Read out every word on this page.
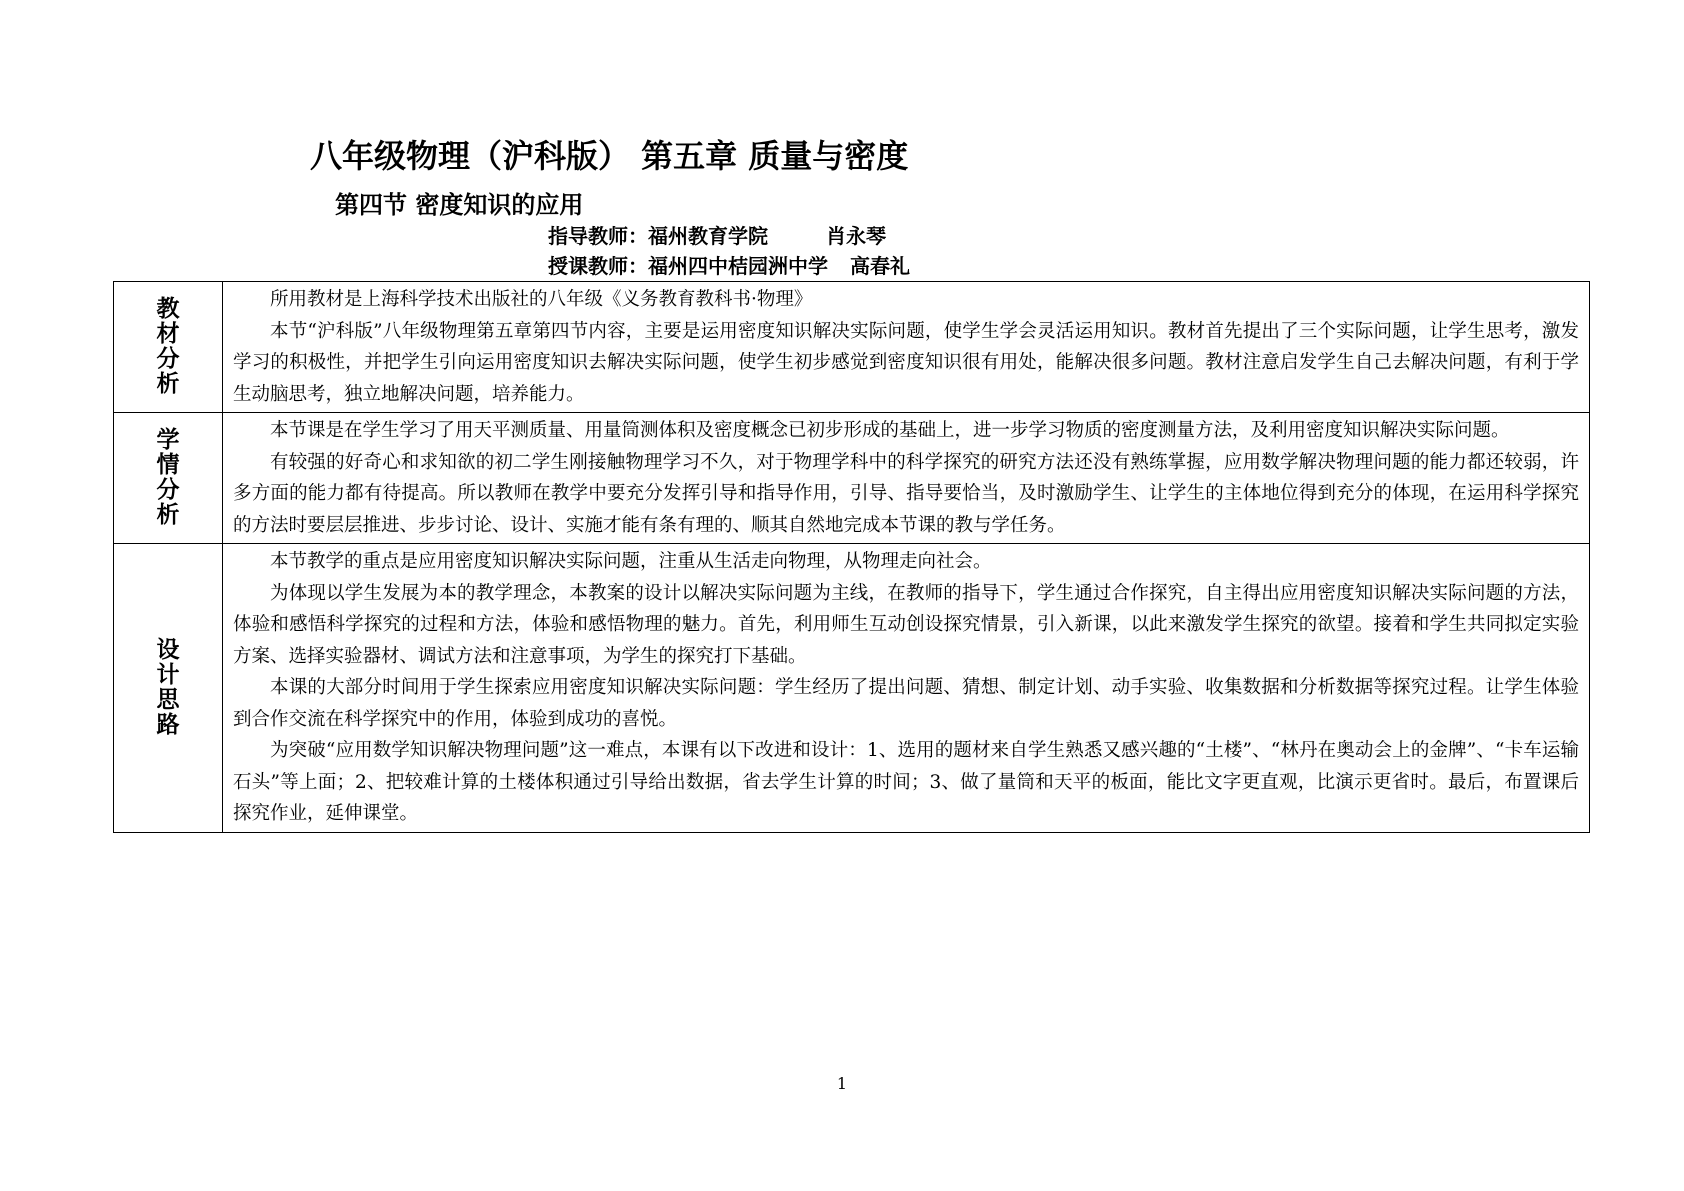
八年级物理（沪科版） 第五章 质量与密度
第四节 密度知识的应用
指导教师：福州教育学院	肖永琴
授课教师：福州四中桔园洲中学 高春礼
教材分析	所用教材是上海科学技术出版社的八年级《义务教育教科书·物理》

本节“沪科版”八年级物理第五章第四节内容，主要是运用密度知识解决实际问题，使学生学会灵活运用知识。教材首先提出了三个实际问题，让学生思考，激发学习的积极性，并把学生引向运用密度知识去解决实际问题，使学生初步感觉到密度知识很有用处，能解决很多问题。教材注意启发学生自己去解决问题，有利于学生动脑思考，独立地解决问题，培养能力。

学情分析	本节课是在学生学习了用天平测质量、用量筒测体积及密度概念已初步形成的基础上，进一步学习物质的密度测量方法，及利用密度知识解决实际问题。

有较强的好奇心和求知欲的初二学生刚接触物理学习不久，对于物理学科中的科学探究的研究方法还没有熟练掌握，应用数学解决物理问题的能力都还较弱，许多方面的能力都有待提高。所以教师在教学中要充分发挥引导和指导作用，引导、指导要恰当，及时激励学生、让学生的主体地位得到充分的体现，在运用科学探究的方法时要层层推进、步步讨论、设计、实施才能有条有理的、顺其自然地完成本节课的教与学任务。

设计思路	本节教学的重点是应用密度知识解决实际问题，注重从生活走向物理，从物理走向社会。

为体现以学生发展为本的教学理念，本教案的设计以解决实际问题为主线，在教师的指导下，学生通过合作探究，自主得出应用密度知识解决实际问题的方法，体验和感悟科学探究的过程和方法，体验和感悟物理的魅力。首先，利用师生互动创设探究情景，引入新课，以此来激发学生探究的欲望。接着和学生共同拟定实验方案、选择实验器材、调试方法和注意事项，为学生的探究打下基础。

本课的大部分时间用于学生探索应用密度知识解决实际问题：学生经历了提出问题、猜想、制定计划、动手实验、收集数据和分析数据等探究过程。让学生体验到合作交流在科学探究中的作用，体验到成功的喜悦。

为突破“应用数学知识解决物理问题”这一难点，本课有以下改进和设计：1、选用的题材来自学生熟悉又感兴趣的“土楼”、“林丹在奥动会上的金牌”、“卡车运输石头”等上面；2、把较难计算的土楼体积通过引导给出数据，省去学生计算的时间；3、做了量筒和天平的板面，能比文字更直观，比演示更省时。最后，布置课后探究作业，延伸课堂。

1
